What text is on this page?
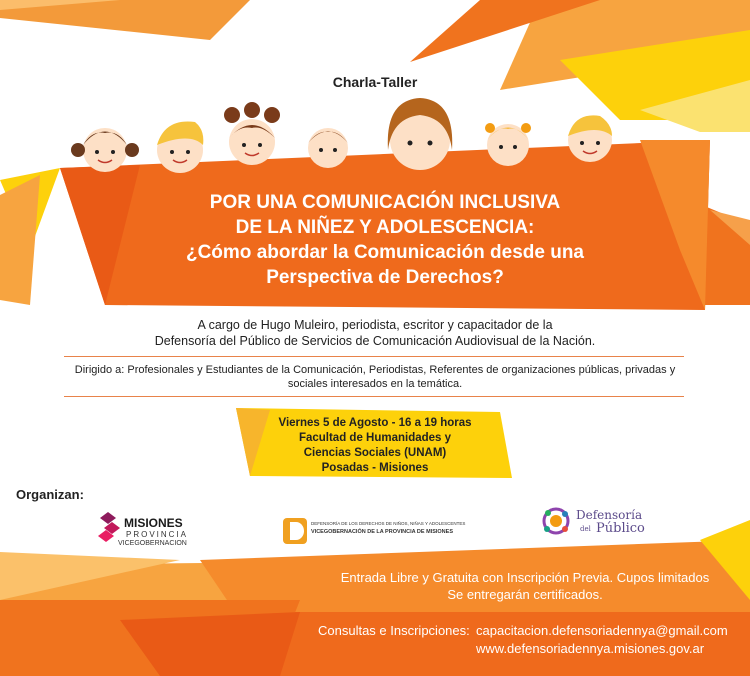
Charla-Taller
POR UNA COMUNICACIÓN INCLUSIVA
DE LA NIÑEZ Y ADOLESCENCIA:
¿Cómo abordar la Comunicación desde una
Perspectiva de Derechos?
A cargo de Hugo Muleiro, periodista, escritor y capacitador de la
Defensoría del Público de Servicios de Comunicación Audiovisual de la Nación.
Dirigido a: Profesionales y Estudiantes de la Comunicación, Periodistas, Referentes de organizaciones públicas, privadas y
sociales interesados en la temática.
Viernes 5 de Agosto - 16 a 19 horas
Facultad de Humanidades y
Ciencias Sociales (UNAM)
Posadas - Misiones
Organizan:
MISIONES
PROVINCIA
VICEGOBERNACION
DEFENSORÍA DE LOS DERECHOS DE NIÑOS, NIÑAS Y ADOLESCENTES
VICEGOBERNACIÓN DE LA PROVINCIA DE MISIONES
Defensoría
del Público
Entrada Libre y Gratuita con Inscripción Previa. Cupos limitados
Se entregarán certificados.
Consultas e Inscripciones: capacitacion.defensoriadennya@gmail.com
www.defensoriadennya.misiones.gov.ar
